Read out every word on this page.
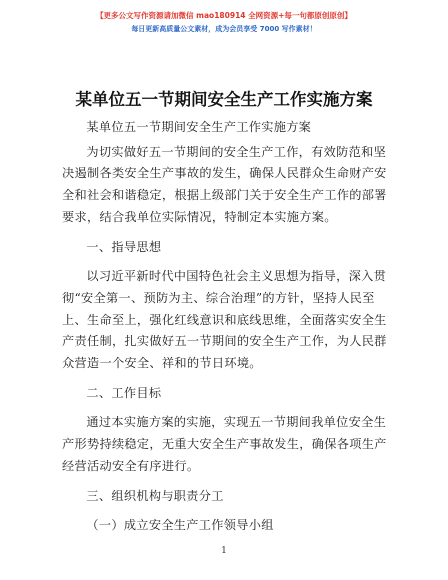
【更多公文写作资源请加微信 mao180914 全网资源+每一句都原创原创】
每日更新高质量公文素材，成为会员享受 7000 写作素材！
某单位五一节期间安全生产工作实施方案

某单位五一节期间安全生产工作实施方案

为切实做好五一节期间的安全生产工作，有效防范和坚决遏制各类安全生产事故的发生，确保人民群众生命财产安全和社会和谐稳定，根据上级部门关于安全生产工作的部署要求，结合我单位实际情况，特制定本实施方案。

一、指导思想

以习近平新时代中国特色社会主义思想为指导，深入贯彻“安全第一、预防为主、综合治理”的方针，坚持人民至上、生命至上，强化红线意识和底线思维，全面落实安全生产责任制，扎实做好五一节期间的安全生产工作，为人民群众营造一个安全、祥和的节日环境。

二、工作目标

通过本实施方案的实施，实现五一节期间我单位安全生产形势持续稳定，无重大安全生产事故发生，确保各项生产经营活动安全有序进行。

三、组织机构与职责分工

（一）成立安全生产工作领导小组

1
